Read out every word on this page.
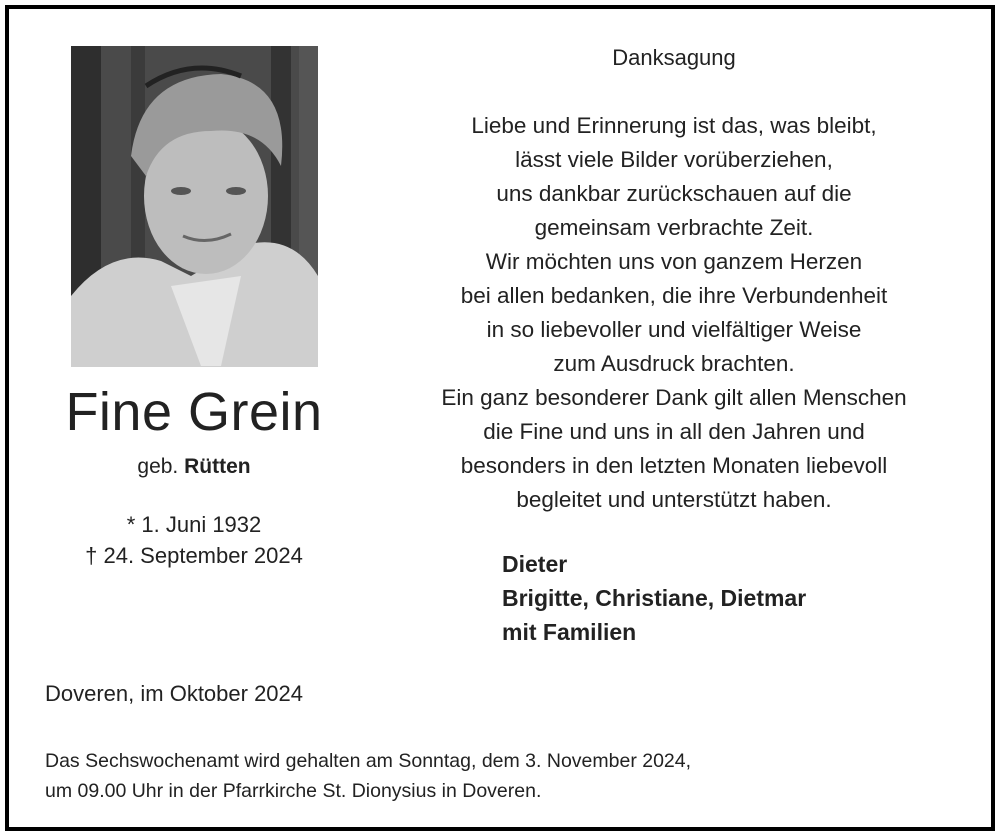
Fine Grein
geb. Rütten
* 1. Juni 1932
† 24. September 2024
Danksagung
Liebe und Erinnerung ist das, was bleibt,
lässt viele Bilder vorüberziehen,
uns dankbar zurückschauen auf die
gemeinsam verbrachte Zeit.
Wir möchten uns von ganzem Herzen
bei allen bedanken, die ihre Verbundenheit
in so liebevoller und vielfältiger Weise
zum Ausdruck brachten.
Ein ganz besonderer Dank gilt allen Menschen
die Fine und uns in all den Jahren und
besonders in den letzten Monaten liebevoll
begleitet und unterstützt haben.
Dieter
Brigitte, Christiane, Dietmar
mit Familien
Doveren, im Oktober 2024
Das Sechswochenamt wird gehalten am Sonntag, dem 3. November 2024,
um 09.00 Uhr in der Pfarrkirche St. Dionysius in Doveren.
